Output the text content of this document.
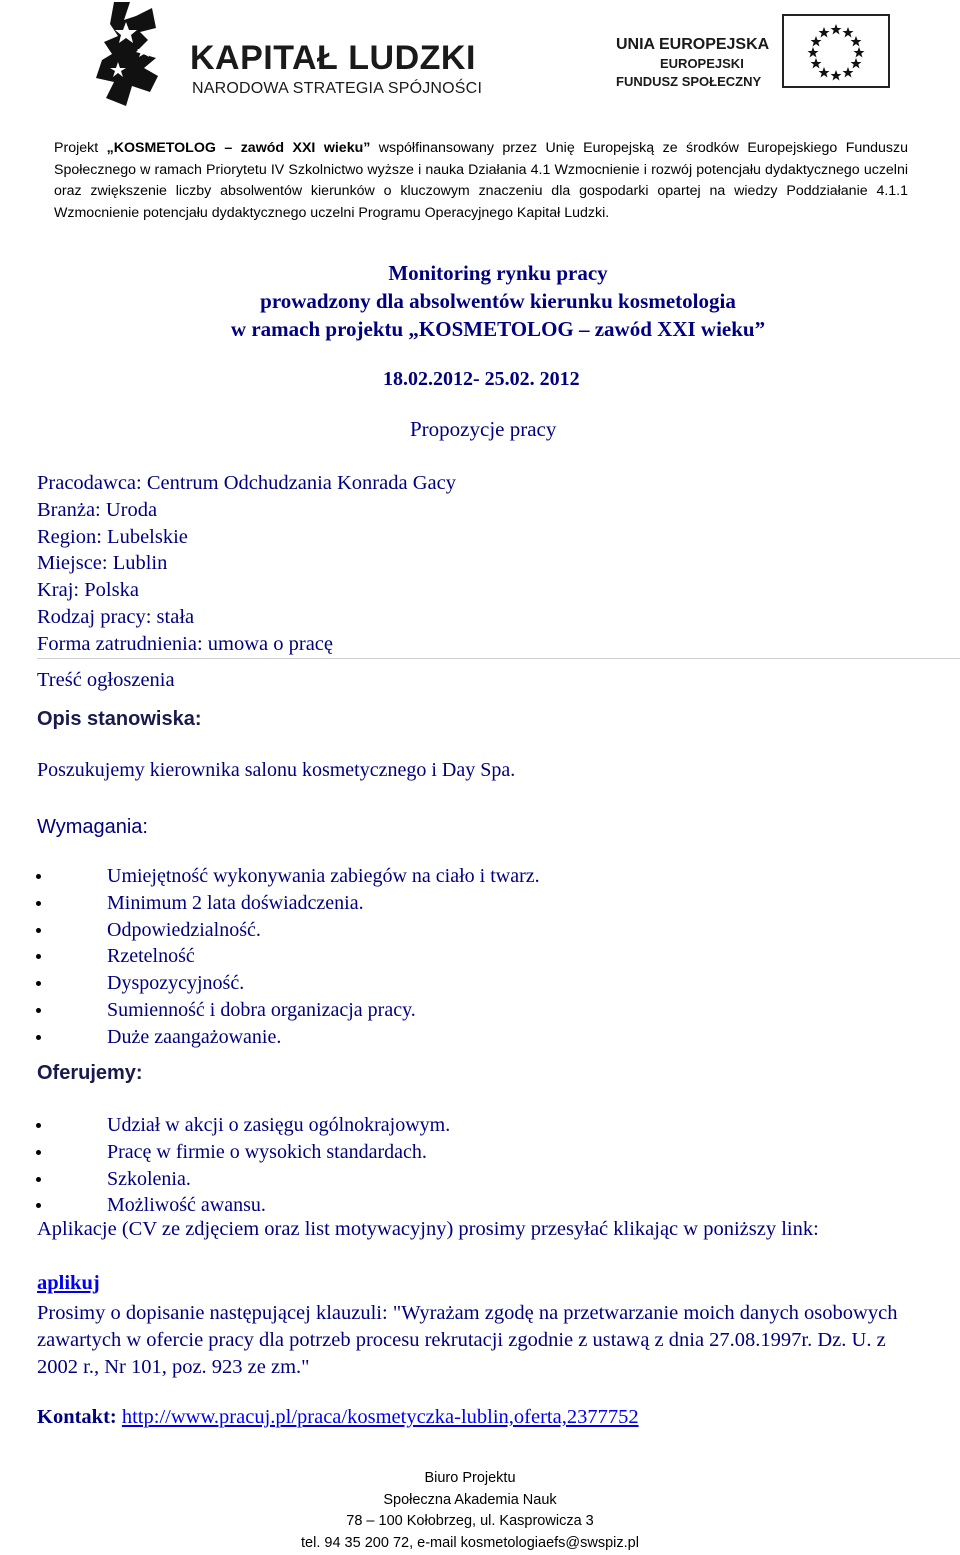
KAPITAŁ LUDZKI
NARODOWA STRATEGIA SPÓJNOŚCI
UNIA EUROPEJSKA
EUROPEJSKI
FUNDUSZ SPOŁECZNY
Projekt „KOSMETOLOG – zawód XXI wieku” współfinansowany przez Unię Europejską ze środków Europejskiego Funduszu Społecznego w ramach Priorytetu IV Szkolnictwo wyższe i nauka Działania 4.1 Wzmocnienie i rozwój potencjału dydaktycznego uczelni oraz zwiększenie liczby absolwentów kierunków o kluczowym znaczeniu dla gospodarki opartej na wiedzy Poddziałanie 4.1.1 Wzmocnienie potencjału dydaktycznego uczelni Programu Operacyjnego Kapitał Ludzki.
Monitoring rynku pracy
prowadzony dla absolwentów kierunku kosmetologia
w ramach projektu „KOSMETOLOG – zawód XXI wieku”
18.02.2012- 25.02. 2012
Propozycje pracy
Pracodawca: Centrum Odchudzania Konrada Gacy
Branża: Uroda
Region: Lubelskie
Miejsce: Lublin
Kraj: Polska
Rodzaj pracy: stała
Forma zatrudnienia: umowa o pracę
Treść ogłoszenia
Opis stanowiska:
Poszukujemy kierownika salonu kosmetycznego i Day Spa.
Wymagania:
Umiejętność wykonywania zabiegów na ciało i twarz.
Minimum 2 lata doświadczenia.
Odpowiedzialność.
Rzetelność
Dyspozycyjność.
Sumienność i dobra organizacja pracy.
Duże zaangażowanie.
Oferujemy:
Udział w akcji o zasięgu ogólnokrajowym.
Pracę w firmie o wysokich standardach.
Szkolenia.
Możliwość awansu.
Aplikacje (CV ze zdjęciem oraz list motywacyjny) prosimy przesyłać klikając w poniższy link:
aplikuj
Prosimy o dopisanie następującej klauzuli: "Wyrażam zgodę na przetwarzanie moich danych osobowych zawartych w ofercie pracy dla potrzeb procesu rekrutacji zgodnie z ustawą z dnia 27.08.1997r. Dz. U. z 2002 r., Nr 101, poz. 923 ze zm."
Kontakt: http://www.pracuj.pl/praca/kosmetyczka-lublin,oferta,2377752
Biuro Projektu
Społeczna Akademia Nauk
78 – 100 Kołobrzeg, ul. Kasprowicza 3
tel. 94 35 200 72, e-mail kosmetologiaefs@swspiz.pl
